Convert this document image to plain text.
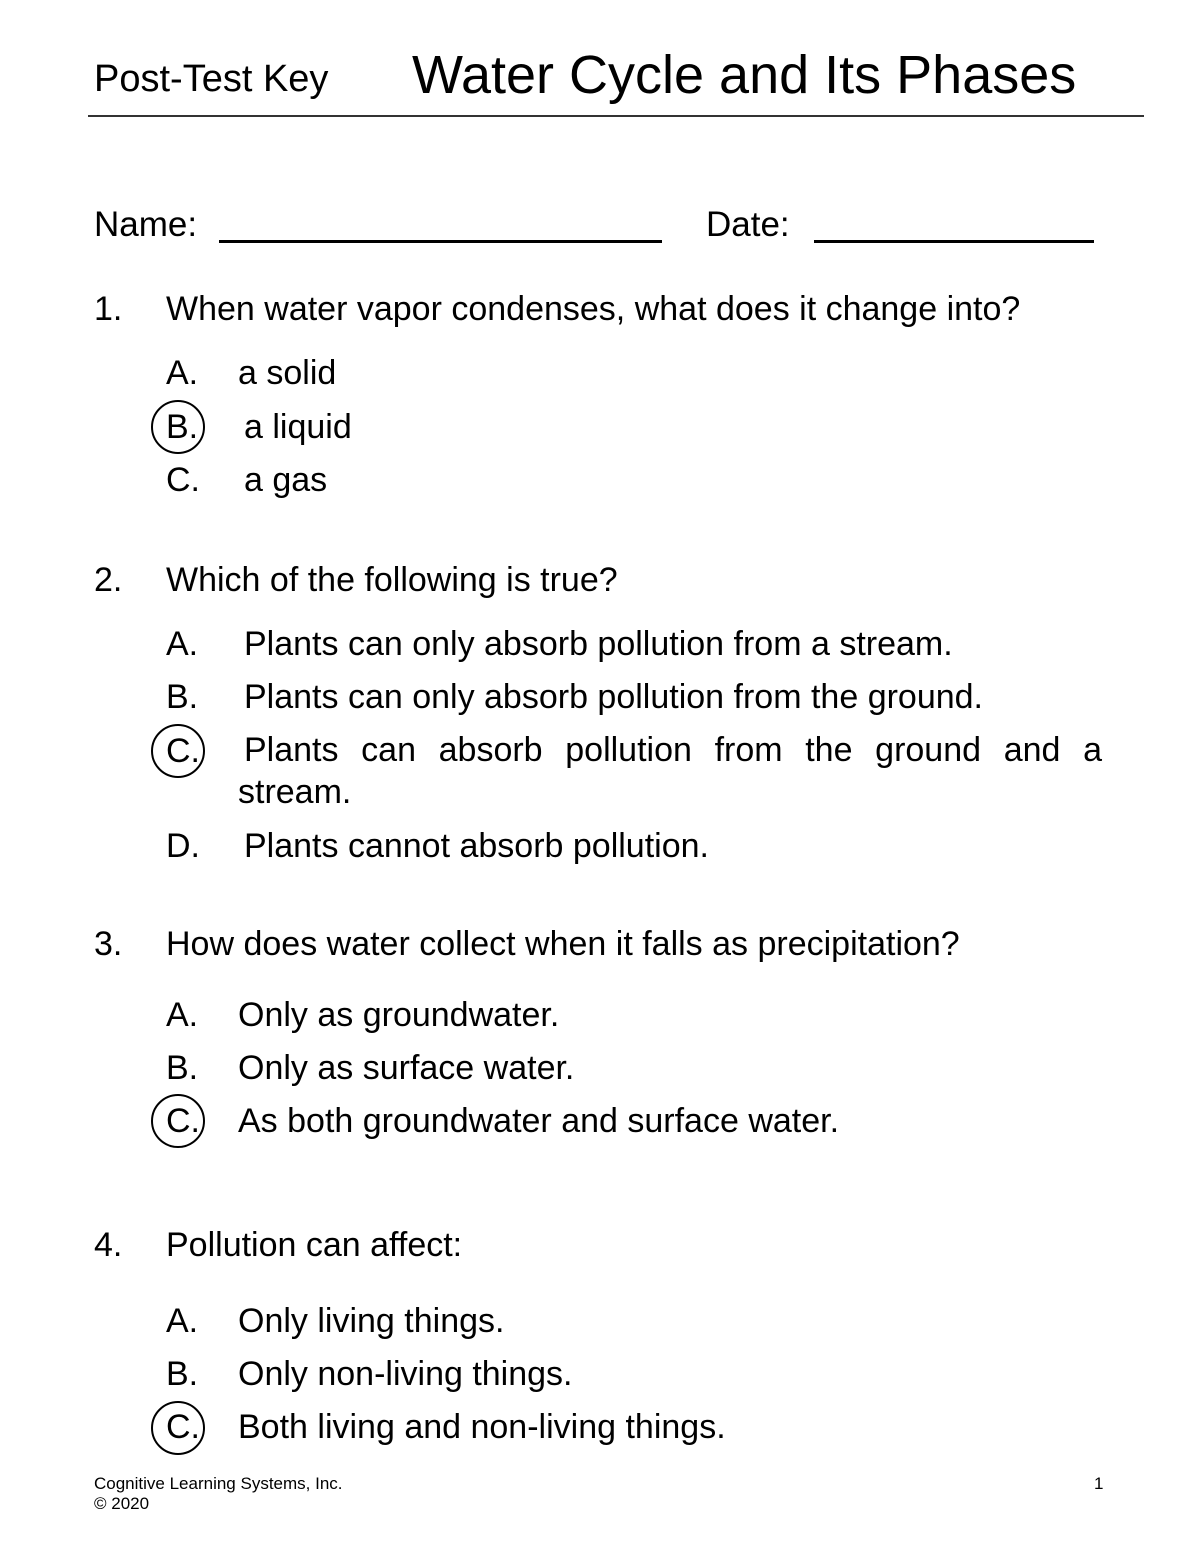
Post-Test Key Water Cycle and Its Phases
Name:	Date:
1. When water vapor condenses, what does it change into?
A. a solid
B. a liquid
C. a gas
2. Which of the following is true?
A. Plants can only absorb pollution from a stream.
B. Plants can only absorb pollution from the ground.
C. Plants can absorb pollution from the ground and a stream.
D. Plants cannot absorb pollution.
3. How does water collect when it falls as precipitation?
A. Only as groundwater.
B. Only as surface water.
C. As both groundwater and surface water.
4. Pollution can affect:
A. Only living things.
B. Only non-living things.
C. Both living and non-living things.
Cognitive Learning Systems, Inc.
© 2020
1
